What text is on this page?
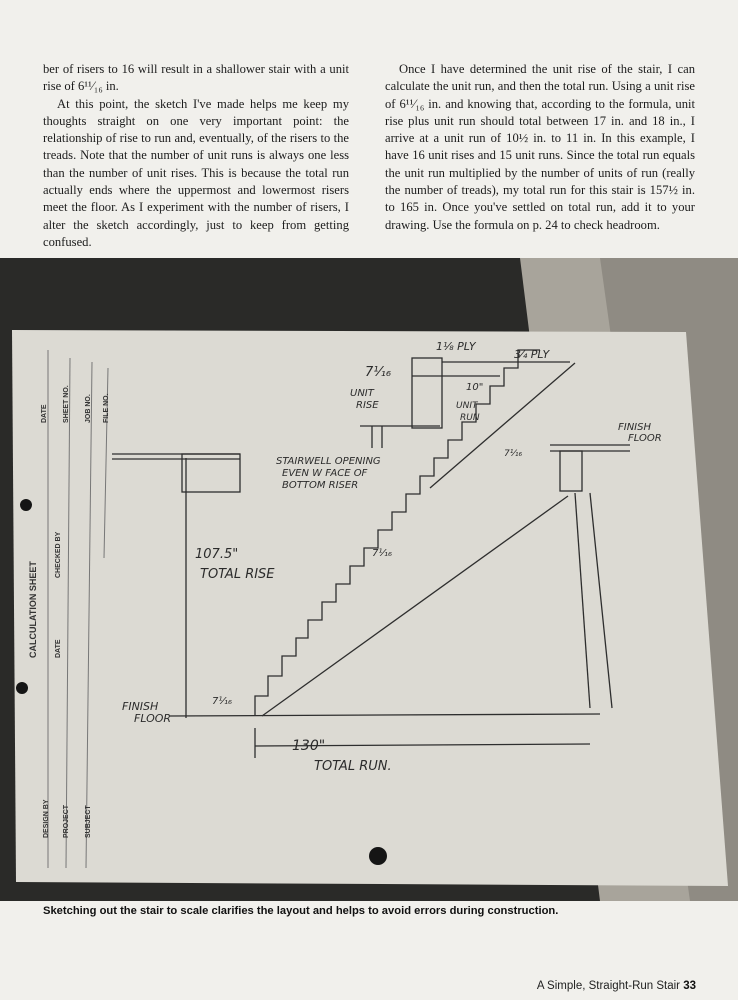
ber of risers to 16 will result in a shallower stair with a unit rise of 6¹¹⁄₁₆ in.

At this point, the sketch I've made helps me keep my thoughts straight on one very important point: the relationship of rise to run and, eventually, of the risers to the treads. Note that the number of unit runs is always one less than the number of unit rises. This is because the total run actually ends where the uppermost and lowermost risers meet the floor. As I experiment with the number of risers, I alter the sketch accordingly, just to keep from getting confused.

Once I have determined the unit rise of the stair, I can calculate the unit run, and then the total run. Using a unit rise of 6¹¹⁄₁₆ in. and knowing that, according to the formula, unit rise plus unit run should total between 17 in. and 18 in., I arrive at a unit run of 10½ in. to 11 in. In this example, I have 16 unit rises and 15 unit runs. Since the total run equals the unit run multiplied by the number of units of run (really the number of treads), my total run for this stair is 157½ in. to 165 in. Once you've settled on total run, add it to your drawing. Use the formula on p. 24 to check headroom.

CALCULATION SHEET DATE
CHECKED BY
DATE SHEET NO. JOB NO. FILE NO.
DESIGN BY PROJECT SUBJECT
7¹⁄₁₆
UNIT
RISE
1⅛ PLY
3⁄₄ PLY
10"
UNIT
RUN
STAIRWELL OPENING
EVEN W FACE OF
BOTTOM RISER
FINISH
FLOOR
7¹⁄₁₆
107.5"
TOTAL RISE
7¹⁄₁₆
FINISH
FLOOR
7¹⁄₁₆
130"
TOTAL RUN.
Sketching out the stair to scale clarifies the layout and helps to avoid errors during construction.
A Simple, Straight-Run Stair 33
